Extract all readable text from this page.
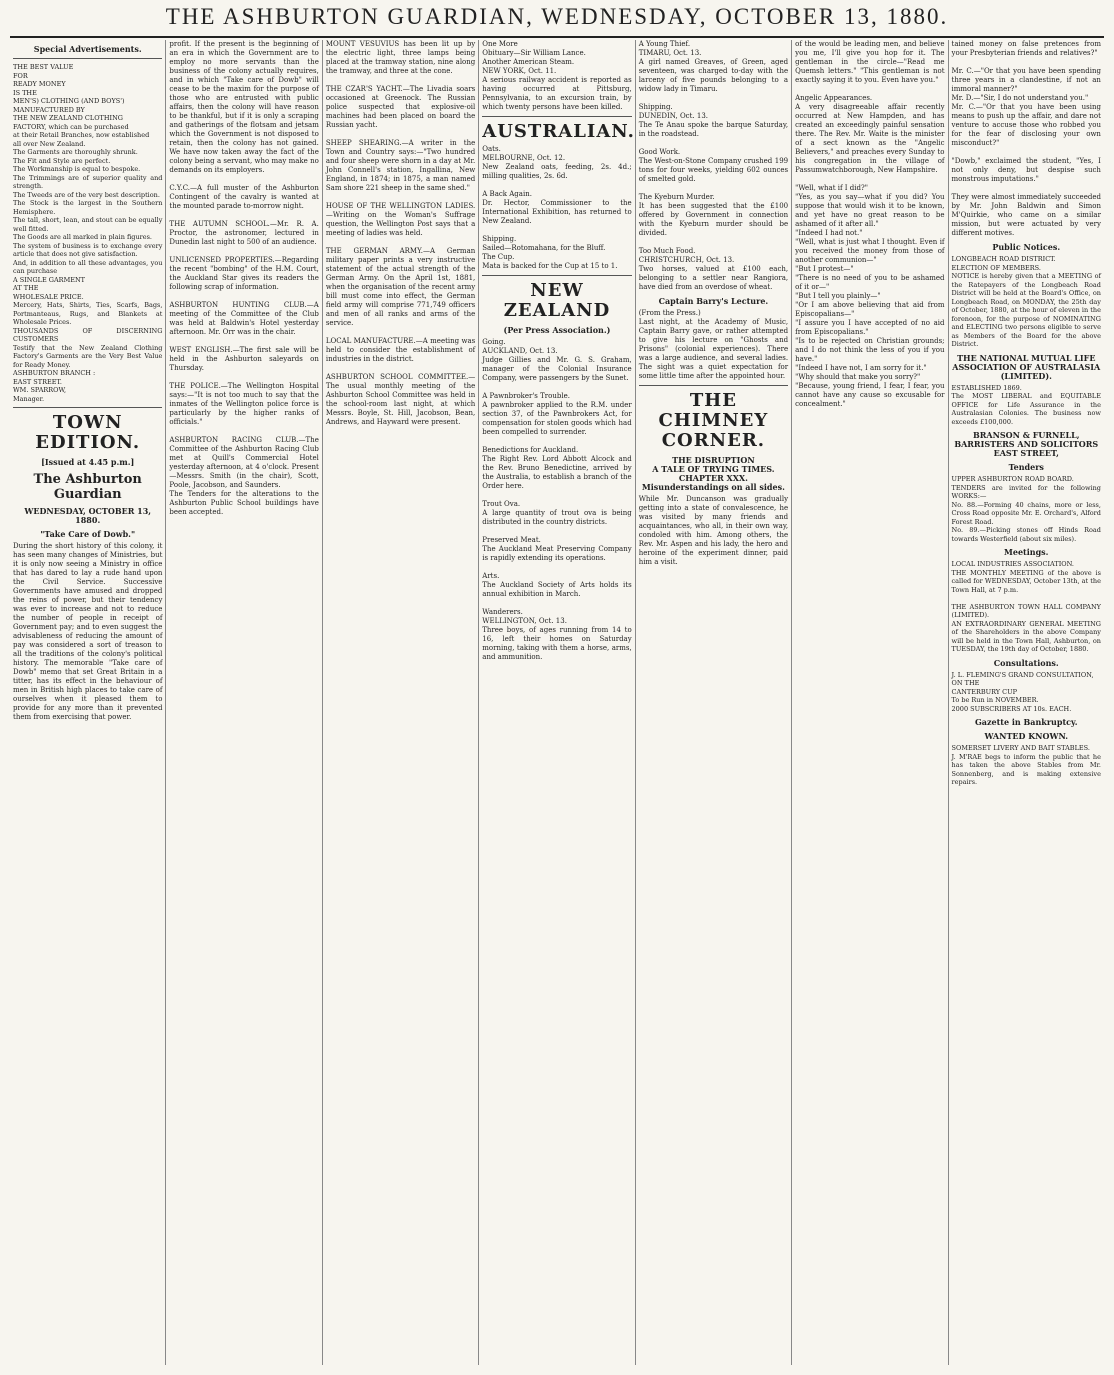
THE ASHBURTON GUARDIAN, WEDNESDAY, OCTOBER 13, 1880.
Special Advertisements.
THE BEST VALUE
FOR
READY MONEY
IS THE
MEN'S) CLOTHING (AND BOYS')
MANUFACTURED BY
THE NEW ZEALAND CLOTHING
FACTORY, which can be purchased
at their Retail Branches, now established
all over New Zealand.
The Garments are thoroughly shrunk.
The Fit and Style are perfect.
The Workmanship is equal to bespoke.
The Trimmings are of superior quality and strength.
The Tweeds are of the very best description.
The Stock is the largest in the Southern Hemisphere.
The tall, short, lean, and stout can be equally well fitted.
The Goods are all marked in plain figures.
The system of business is to exchange every article that does not give satisfaction.
And, in addition to all these advantages, you can purchase
A SINGLE GARMENT
AT THE
WHOLESALE PRICE.
Mercery, Hats, Shirts, Ties, Scarfs, Bags, Portmanteaus, Rugs, and Blankets at Wholesale Prices.
THOUSANDS OF DISCERNING CUSTOMERS
Testify that the New Zealand Clothing Factory's Garments are the Very Best Value for Ready Money.
ASHBURTON BRANCH :
EAST STREET.
WM. SPARROW,
Manager.
TOWN EDITION.
[Issued at 4.45 p.m.]
The Ashburton Guardian
WEDNESDAY, OCTOBER 13, 1880.
"Take Care of Dowb."
During the short history of this colony, it has seen many changes of Ministries, but it is only now seeing a Ministry in office that has dared to lay a rude hand upon the Civil Service. Successive Governments have amused and dropped the reins of power, but their tendency was ever to increase and not to reduce the number of people in receipt of Government pay; and to even suggest the advisableness of reducing the amount of pay was considered a sort of treason to all the traditions of the colony's political history. The memorable "Take care of Dowb" memo that set Great Britain in a titter, has its effect in the behaviour of men in British high places to take care of ourselves when it pleased them to provide for any more than it prevented them from exercising that power.
profit. If the present is the beginning of an era in which the Government are to employ no more servants than the business of the colony actually requires, and in which "Take care of Dowb" will cease to be the maxim for the purpose of those who are entrusted with public affairs, then the colony will have reason to be thankful, but if it is only a scraping and gatherings of the flotsam and jetsam which the Government is not disposed to retain, then the colony has not gained. We have now taken away the fact of the colony being a servant, who may make no demands on its employers.

C.Y.C.—A full muster of the Ashburton Contingent of the cavalry is wanted at the mounted parade to-morrow night.

THE AUTUMN SCHOOL.—Mr. R. A. Proctor, the astronomer, lectured in Dunedin last night to 500 of an audience.

UNLICENSED PROPERTIES.—Regarding the recent "bombing" of the H.M. Court, the Auckland Star gives its readers the following scrap of information.

ASHBURTON HUNTING CLUB.—A meeting of the Committee of the Club was held at Baldwin's Hotel yesterday afternoon. Mr. Orr was in the chair.

WEST ENGLISH.—The first sale will be held in the Ashburton saleyards on Thursday.

THE POLICE.—The Wellington Hospital says:—"It is not too much to say that the inmates of the Wellington police force is particularly by the higher ranks of officials."

ASHBURTON RACING CLUB.—The Committee of the Ashburton Racing Club met at Quill's Commercial Hotel yesterday afternoon, at 4 o'clock. Present—Messrs. Smith (in the chair), Scott, Poole, Jacobson, and Saunders.
The Tenders for the alterations to the Ashburton Public School buildings have been accepted.
MOUNT VESUVIUS has been lit up by the electric light, three lamps being placed at the tramway station, nine along the tramway, and three at the cone.

THE CZAR'S YACHT.—The Livadia soars occasioned at Greenock. The Russian police suspected that explosive-oil machines had been placed on board the Russian yacht.

SHEEP SHEARING.—A writer in the Town and Country says:—"Two hundred and four sheep were shorn in a day at Mr. John Connell's station, Ingallina, New England, in 1874; in 1875, a man named Sam shore 221 sheep in the same shed."

HOUSE OF THE WELLINGTON LADIES.—Writing on the Woman's Suffrage question, the Wellington Post says that a meeting of ladies was held.

THE GERMAN ARMY.—A German military paper prints a very instructive statement of the actual strength of the German Army. On the April 1st, 1881, when the organisation of the recent army bill must come into effect, the German field army will comprise 771,749 officers and men of all ranks and arms of the service.

LOCAL MANUFACTURE.—A meeting was held to consider the establishment of industries in the district.

ASHBURTON SCHOOL COMMITTEE.—The usual monthly meeting of the Ashburton School Committee was held in the school-room last night, at which Messrs. Boyle, St. Hill, Jacobson, Bean, Andrews, and Hayward were present.
One More
Obituary—Sir William Lance.
Another American Steam.
NEW YORK, Oct. 11.
A serious railway accident is reported as having occurred at Pittsburg, Pennsylvania, to an excursion train, by which twenty persons have been killed.
AUSTRALIAN.
Oats.
MELBOURNE, Oct. 12.
New Zealand oats, feeding, 2s. 4d.; milling qualities, 2s. 6d.

A Back Again.
Dr. Hector, Commissioner to the International Exhibition, has returned to New Zealand.

Shipping.
Sailed—Rotomahana, for the Bluff.
The Cup.
Mata is backed for the Cup at 15 to 1.
NEW ZEALAND
(Per Press Association.)
Going.
AUCKLAND, Oct. 13.
Judge Gillies and Mr. G. S. Graham, manager of the Colonial Insurance Company, were passengers by the Sunet.

A Pawnbroker's Trouble.
A pawnbroker applied to the R.M. under section 37, of the Pawnbrokers Act, for compensation for stolen goods which had been compelled to surrender.

Benedictions for Auckland.
The Right Rev. Lord Abbott Alcock and the Rev. Bruno Benedictine, arrived by the Australia, to establish a branch of the Order here.

Trout Ova.
A large quantity of trout ova is being distributed in the country districts.

Preserved Meat.
The Auckland Meat Preserving Company is rapidly extending its operations.

Arts.
The Auckland Society of Arts holds its annual exhibition in March.

Wanderers.
WELLINGTON, Oct. 13.
Three boys, of ages running from 14 to 16, left their homes on Saturday morning, taking with them a horse, arms, and ammunition.
A Young Thief.
TIMARU, Oct. 13.
A girl named Greaves, of Green, aged seventeen, was charged to-day with the larceny of five pounds belonging to a widow lady in Timaru.

Shipping.
DUNEDIN, Oct. 13.
The Te Anau spoke the barque Saturday, in the roadstead.

Good Work.
The West-on-Stone Company crushed 199 tons for four weeks, yielding 602 ounces of smelted gold.

The Kyeburn Murder.
It has been suggested that the £100 offered by Government in connection with the Kyeburn murder should be divided.

Too Much Food.
CHRISTCHURCH, Oct. 13.
Two horses, valued at £100 each, belonging to a settler near Rangiora, have died from an overdose of wheat.
Captain Barry's Lecture.
(From the Press.)
Last night, at the Academy of Music, Captain Barry gave, or rather attempted to give his lecture on "Ghosts and Prisons" (colonial experiences). There was a large audience, and several ladies. The sight was a quiet expectation for some little time after the appointed hour.
THE
CHIMNEY CORNER.
THE DISRUPTION
A TALE OF TRYING TIMES.
CHAPTER XXX.
Misunderstandings on all sides.
While Mr. Duncanson was gradually getting into a state of convalescence, he was visited by many friends and acquaintances, who all, in their own way, condoled with him. Among others, the Rev. Mr. Aspen and his lady, the hero and heroine of the experiment dinner, paid him a visit.
of the would be leading men, and believe you me, I'll give you hop for it. The gentleman in the circle—"Read me Quemsh letters." "This gentleman is not exactly saying it to you. Even have you."

Angelic Appearances.
A very disagreeable affair recently occurred at New Hampden, and has created an exceedingly painful sensation there. The Rev. Mr. Waite is the minister of a sect known as the "Angelic Believers," and preaches every Sunday to his congregation in the village of Passumwatchborough, New Hampshire.

"Well, what if I did?"
"Yes, as you say—what if you did? You suppose that would wish it to be known, and yet have no great reason to be ashamed of it after all."
"Indeed I had not."
"Well, what is just what I thought. Even if you received the money from those of another communion—"
"But I protest—"
"There is no need of you to be ashamed of it or—"
"But I tell you plainly—"
"Or I am above believing that aid from Episcopalians—"
"I assure you I have accepted of no aid from Episcopalians."
"Is to be rejected on Christian grounds; and I do not think the less of you if you have."
"Indeed I have not, I am sorry for it."
"Why should that make you sorry?"
"Because, young friend, I fear, I fear, you cannot have any cause so excusable for concealment."
tained money on false pretences from your Presbyterian friends and relatives?"

Mr. C.—"Or that you have been spending three years in a clandestine, if not an immoral manner?"
Mr. D.—"Sir, I do not understand you."
Mr. C.—"Or that you have been using means to push up the affair, and dare not venture to accuse those who robbed you for the fear of disclosing your own misconduct?"

"Dowb," exclaimed the student, "Yes, I not only deny, but despise such monstrous imputations."

They were almost immediately succeeded by Mr. John Baldwin and Simon M'Quirkie, who came on a similar mission, but were actuated by very different motives.
Public Notices.
LONGBEACH ROAD DISTRICT.
ELECTION OF MEMBERS.
NOTICE is hereby given that a MEETING of the Ratepayers of the Longbeach Road District will be held at the Board's Office, on Longbeach Road, on MONDAY, the 25th day of October, 1880, at the hour of eleven in the forenoon, for the purpose of NOMINATING and ELECTING two persons eligible to serve as Members of the Board for the above District.
THE NATIONAL MUTUAL LIFE ASSOCIATION OF AUSTRALASIA (LIMITED).
ESTABLISHED 1869.
The MOST LIBERAL and EQUITABLE OFFICE for Life Assurance in the Australasian Colonies. The business now exceeds £100,000.
BRANSON & FURNELL,
BARRISTERS AND SOLICITORS
EAST STREET,
Tenders
UPPER ASHBURTON ROAD BOARD.
TENDERS are invited for the following WORKS:—
No. 88.—Forming 40 chains, more or less, Cross Road opposite Mr. E. Orchard's, Alford Forest Road.
No. 89.—Picking stones off Hinds Road towards Westerfield (about six miles).
Meetings.
LOCAL INDUSTRIES ASSOCIATION.
THE MONTHLY MEETING of the above is called for WEDNESDAY, October 13th, at the Town Hall, at 7 p.m.

THE ASHBURTON TOWN HALL COMPANY (LIMITED).
AN EXTRAORDINARY GENERAL MEETING of the Shareholders in the above Company will be held in the Town Hall, Ashburton, on TUESDAY, the 19th day of October, 1880.
Consultations.
J. L. FLEMING'S GRAND CONSULTATION,
ON THE
CANTERBURY CUP
To be Run in NOVEMBER.
2000 SUBSCRIBERS AT 10s. EACH.
Gazette in Bankruptcy.
WANTED KNOWN.
SOMERSET LIVERY AND BAIT STABLES.
J. M'RAE begs to inform the public that he has taken the above Stables from Mr. Sonnenberg, and is making extensive repairs.
